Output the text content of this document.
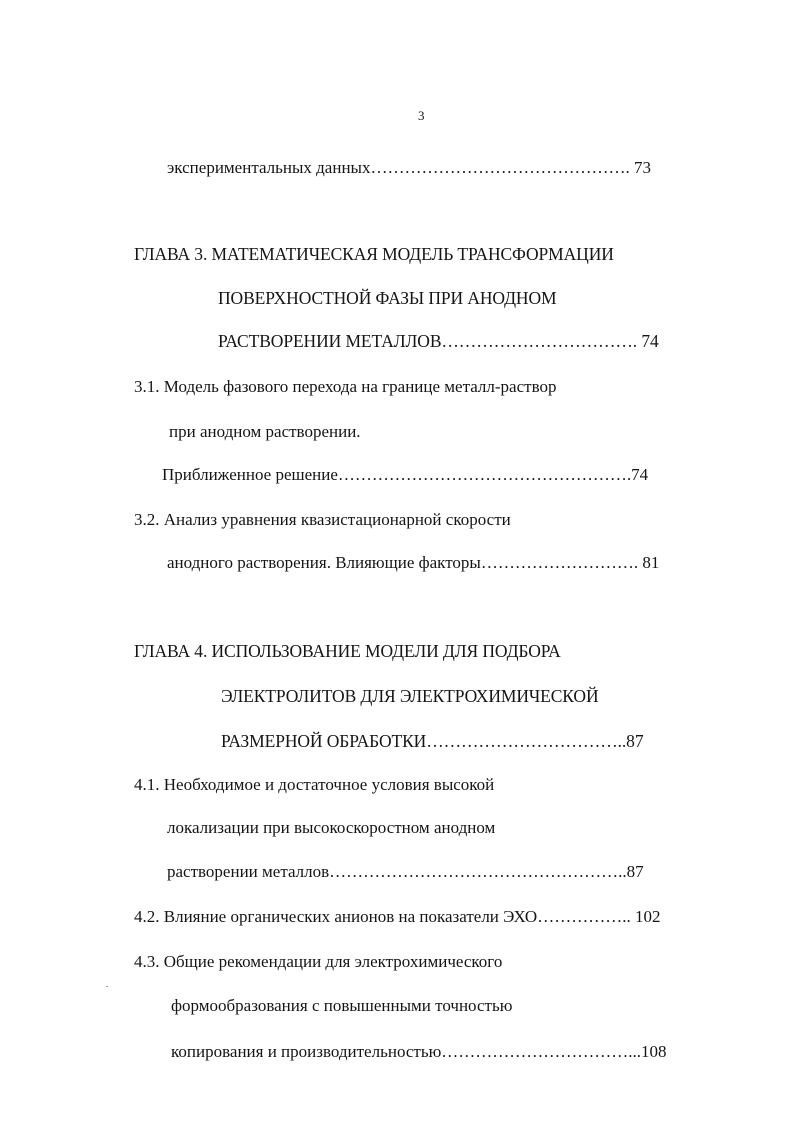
3
экспериментальных данных………………………………………. 73
ГЛАВА 3. МАТЕМАТИЧЕСКАЯ МОДЕЛЬ ТРАНСФОРМАЦИИ
ПОВЕРХНОСТНОЙ ФАЗЫ ПРИ АНОДНОМ
РАСТВОРЕНИИ МЕТАЛЛОВ……………………………. 74
3.1. Модель фазового перехода на границе металл-раствор
при анодном растворении.
Приближенное решение…………………………………………….74
3.2. Анализ уравнения квазистационарной скорости
анодного растворения. Влияющие факторы………………………. 81
ГЛАВА 4. ИСПОЛЬЗОВАНИЕ МОДЕЛИ ДЛЯ ПОДБОРА
ЭЛЕКТРОЛИТОВ ДЛЯ ЭЛЕКТРОХИМИЧЕСКОЙ
РАЗМЕРНОЙ ОБРАБОТКИ……………………………..87
4.1. Необходимое и достаточное условия высокой
локализации при высокоскоростном анодном
растворении металлов……………………………………………..87
4.2. Влияние органических анионов на показатели ЭХО…………….. 102
4.3. Общие рекомендации для электрохимического
формообразования с повышенными точностью
копирования и производительностью……………………………...108
